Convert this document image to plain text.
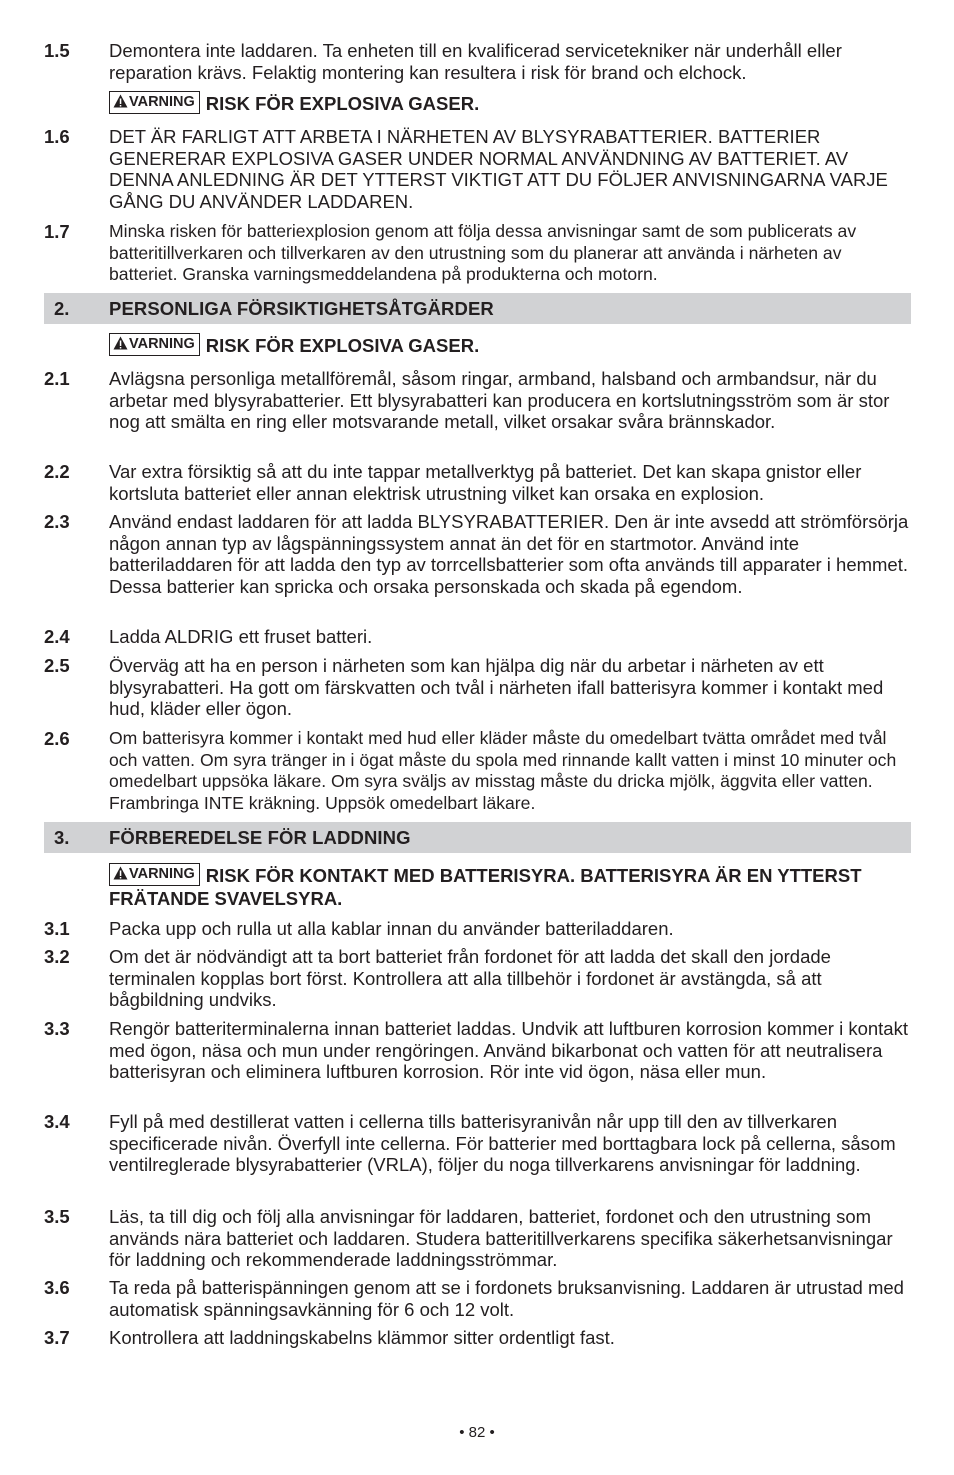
1.5 Demontera inte laddaren. Ta enheten till en kvalificerad servicetekniker när underhåll eller reparation krävs. Felaktig montering kan resultera i risk för brand och elchock.
VARNING RISK FÖR EXPLOSIVA GASER.
1.6 DET ÄR FARLIGT ATT ARBETA I NÄRHETEN AV BLYSYRABATTERIER. BATTERIER GENERERAR EXPLOSIVA GASER UNDER NORMAL ANVÄNDNING AV BATTERIET. AV DENNA ANLEDNING ÄR DET YTTERST VIKTIGT ATT DU FÖLJER ANVISNINGARNA VARJE GÅNG DU ANVÄNDER LADDAREN.
1.7 Minska risken för batteriexplosion genom att följa dessa anvisningar samt de som publicerats av batteritillverkaren och tillverkaren av den utrustning som du planerar att använda i närheten av batteriet. Granska varningsmeddelandena på produkterna och motorn.
2. PERSONLIGA FÖRSIKTIGHETSÅTGÄRDER
VARNING RISK FÖR EXPLOSIVA GASER.
2.1 Avlägsna personliga metallföremål, såsom ringar, armband, halsband och armbandsur, när du arbetar med blysyrabatterier. Ett blysyrabatteri kan producera en kortslutningsström som är stor nog att smälta en ring eller motsvarande metall, vilket orsakar svåra brännskador.
2.2 Var extra försiktig så att du inte tappar metallverktyg på batteriet. Det kan skapa gnistor eller kortsluta batteriet eller annan elektrisk utrustning vilket kan orsaka en explosion.
2.3 Använd endast laddaren för att ladda BLYSYRABATTERIER. Den är inte avsedd att strömförsörja någon annan typ av lågspänningssystem annat än det för en startmotor. Använd inte batteriladdaren för att ladda den typ av torrcellsbatterier som ofta används till apparater i hemmet. Dessa batterier kan spricka och orsaka personskada och skada på egendom.
2.4 Ladda ALDRIG ett fruset batteri.
2.5 Överväg att ha en person i närheten som kan hjälpa dig när du arbetar i närheten av ett blysyrabatteri. Ha gott om färskvatten och tvål i närheten ifall batterisyra kommer i kontakt med hud, kläder eller ögon.
2.6 Om batterisyra kommer i kontakt med hud eller kläder måste du omedelbart tvätta området med tvål och vatten. Om syra tränger in i ögat måste du spola med rinnande kallt vatten i minst 10 minuter och omedelbart uppsöka läkare. Om syra sväljs av misstag måste du dricka mjölk, äggvita eller vatten. Frambringa INTE kräkning. Uppsök omedelbart läkare.
3. FÖRBEREDELSE FÖR LADDNING
VARNING RISK FÖR KONTAKT MED BATTERISYRA. BATTERISYRA ÄR EN YTTERST FRÄTANDE SVAVELSYRA.
3.1 Packa upp och rulla ut alla kablar innan du använder batteriladdaren.
3.2 Om det är nödvändigt att ta bort batteriet från fordonet för att ladda det skall den jordade terminalen kopplas bort först. Kontrollera att alla tillbehör i fordonet är avstängda, så att bågbildning undviks.
3.3 Rengör batteriterminalerna innan batteriet laddas. Undvik att luftburen korrosion kommer i kontakt med ögon, näsa och mun under rengöringen. Använd bikarbonat och vatten för att neutralisera batterisyran och eliminera luftburen korrosion. Rör inte vid ögon, näsa eller mun.
3.4 Fyll på med destillerat vatten i cellerna tills batterisyranivån når upp till den av tillverkaren specificerade nivån. Överfyll inte cellerna. För batterier med borttagbara lock på cellerna, såsom ventilreglerade blysyrabatterier (VRLA), följer du noga tillverkarens anvisningar för laddning.
3.5 Läs, ta till dig och följ alla anvisningar för laddaren, batteriet, fordonet och den utrustning som används nära batteriet och laddaren. Studera batteritillverkarens specifika säkerhetsanvisningar för laddning och rekommenderade laddningsströmmar.
3.6 Ta reda på batterispänningen genom att se i fordonets bruksanvisning. Laddaren är utrustad med automatisk spänningsavkänning för 6 och 12 volt.
3.7 Kontrollera att laddningskabelns klämmor sitter ordentligt fast.
• 82 •
